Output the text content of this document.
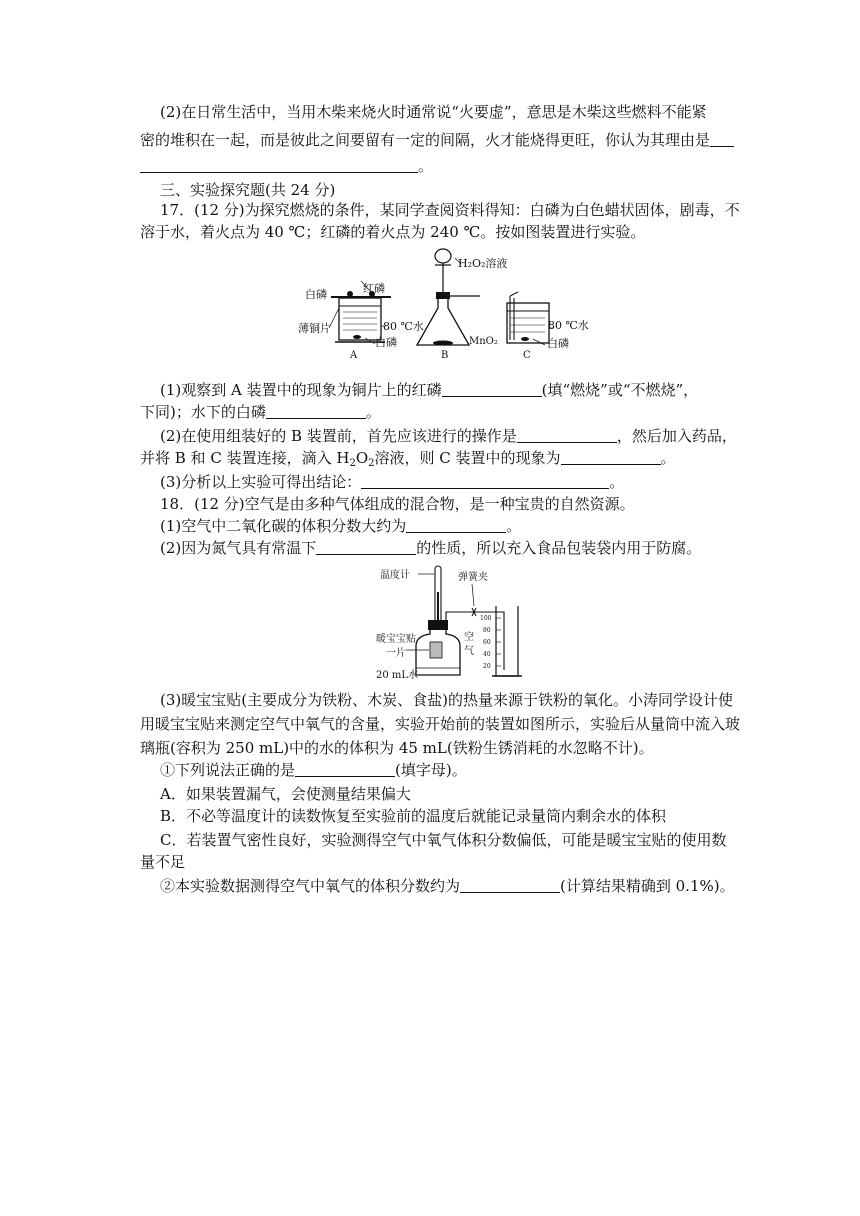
(2)在日常生活中，当用木柴来烧火时通常说“火要虚”，意思是木柴这些燃料不能紧
密的堆积在一起，而是彼此之间要留有一定的间隔，火才能烧得更旺，你认为其理由是
。
三、实验探究题(共 24 分)
17．(12 分)为探究燃烧的条件，某同学查阅资料得知：白磷为白色蜡状固体，剧毒，不
溶于水，着火点为 40 ℃；红磷的着火点为 240 ℃。按如图装置进行实验。
白磷	红磷
薄铜片	80 ℃水
白磷
A
H₂O₂溶液
MnO₂
B
80 ℃水
白磷
C
(1)观察到 A 装置中的现象为铜片上的红磷	(填“燃烧”或“不燃烧”，
下同)；水下的白磷	。
(2)在使用组装好的 B 装置前，首先应该进行的操作是	，然后加入药品，
并将 B 和 C 装置连接，滴入 $H_2O_2$溶液，则 C 装置中的现象为	。
(3)分析以上实验可得出结论：	。
18．(12 分)空气是由多种气体组成的混合物，是一种宝贵的自然资源。
(1)空气中二氧化碳的体积分数大约为	。
(2)因为氮气具有常温下	的性质，所以充入食品包装袋内用于防腐。
温度计
空
气
暖宝宝贴
一片
20 mL水
弹簧夹
100
80
60
40
20
(3)暖宝宝贴(主要成分为铁粉、木炭、食盐)的热量来源于铁粉的氧化。小涛同学设计使
用暖宝宝贴来测定空气中氧气的含量，实验开始前的装置如图所示，实验后从量筒中流入玻
璃瓶(容积为 250 mL)中的水的体积为 45 mL(铁粉生锈消耗的水忽略不计)。
①下列说法正确的是	(填字母)。
A．如果装置漏气，会使测量结果偏大
B．不必等温度计的读数恢复至实验前的温度后就能记录量筒内剩余水的体积
C．若装置气密性良好，实验测得空气中氧气体积分数偏低，可能是暖宝宝贴的使用数
量不足
②本实验数据测得空气中氧气的体积分数约为	(计算结果精确到 0.1%)。
